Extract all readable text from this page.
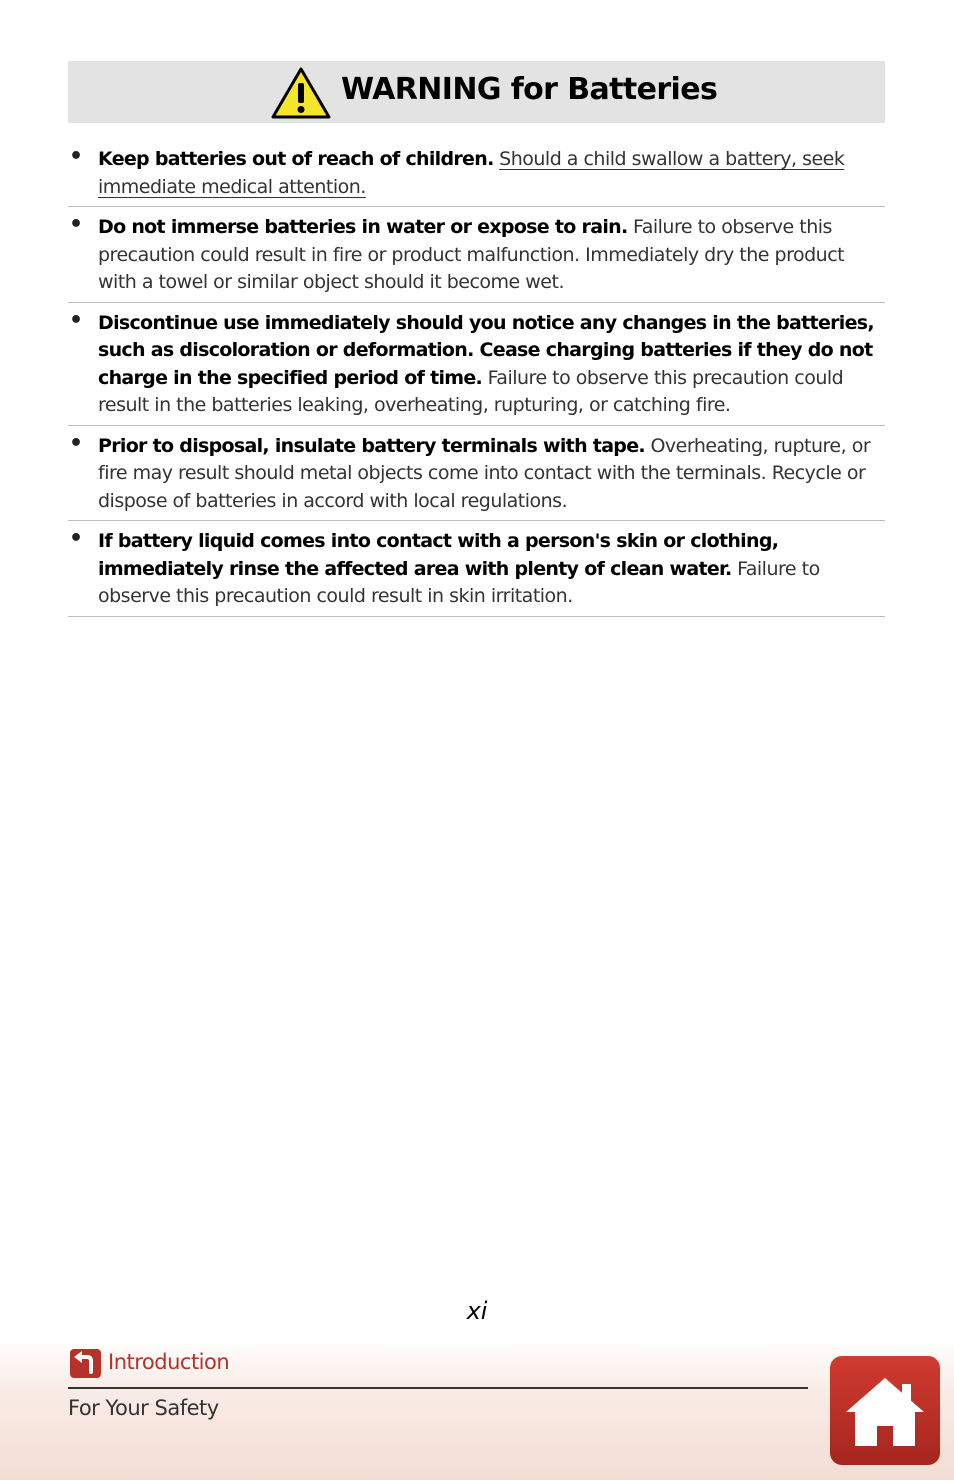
WARNING for Batteries
• Keep batteries out of reach of children. Should a child swallow a battery, seek immediate medical attention.
• Do not immerse batteries in water or expose to rain. Failure to observe this precaution could result in fire or product malfunction. Immediately dry the product with a towel or similar object should it become wet.
• Discontinue use immediately should you notice any changes in the batteries, such as discoloration or deformation. Cease charging batteries if they do not charge in the specified period of time. Failure to observe this precaution could result in the batteries leaking, overheating, rupturing, or catching fire.
• Prior to disposal, insulate battery terminals with tape. Overheating, rupture, or fire may result should metal objects come into contact with the terminals. Recycle or dispose of batteries in accord with local regulations.
• If battery liquid comes into contact with a person's skin or clothing, immediately rinse the affected area with plenty of clean water. Failure to observe this precaution could result in skin irritation.
xi
Introduction
For Your Safety
